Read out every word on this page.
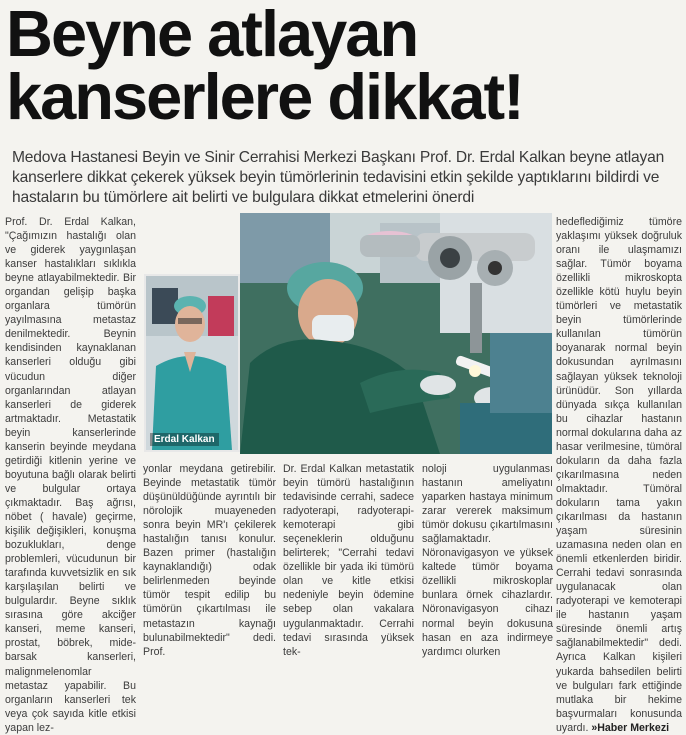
Beyne atlayan
kanserlere dikkat!
Medova Hastanesi Beyin ve Sinir Cerrahisi Merkezi Başkanı Prof. Dr. Erdal Kalkan beyne atlayan kanserlere dikkat çekerek yüksek beyin tümörlerinin tedavisini etkin şekilde yaptıklarını bildirdi ve hastaların bu tümörlere ait belirti ve bulgulara dikkat etmelerini önerdi
Prof. Dr. Erdal Kalkan, "Çağımızın hastalığı olan ve giderek yaygınlaşan kanser hastalıkları sıklıkla beyne atlayabilmektedir. Bir organdan gelişip başka organlara tümörün yayılmasına metastaz denilmektedir. Beynin kendisinden kaynaklanan kanserleri olduğu gibi vücudun diğer organlarından atlayan kanserleri de giderek artmaktadır. Metastatik beyin kanserlerinde kanserin beyinde meydana getirdiği kitlenin yerine ve boyutuna bağlı olarak belirti ve bulgular ortaya çıkmaktadır. Baş ağrısı, nöbet ( havale) geçirme, kişilik değişikleri, konuşma bozuklukları, denge problemleri, vücudunun bir tarafında kuvvetsizlik en sık karşılaşılan belirti ve bulgulardır. Beyne sıklık sırasına göre akciğer kanseri, meme kanseri, prostat, böbrek, mide-barsak kanserleri, malignmelenomlar metastaz yapabilir. Bu organların kanserleri tek veya çok sayıda kitle etkisi yapan lez-
Erdal Kalkan
yonlar meydana getirebilir. Beyinde metastatik tümör düşünüldüğünde ayrıntılı bir nörolojik muayeneden sonra beyin MR'ı çekilerek hastalığın tanısı konulur. Bazen primer (hastalığın kaynaklandığı) odak belirlenmeden beyinde tümör tespit edilip bu tümörün çıkartılması ile metastazın kaynağı bulunabilmektedir" dedi. Prof.
Dr. Erdal Kalkan metastatik beyin tümörü hastalığının tedavisinde cerrahi, sadece radyoterapi, radyoterapi-kemoterapi gibi seçeneklerin olduğunu belirterek; "Cerrahi tedavi özellikle bir yada iki tümörü olan ve kitle etkisi nedeniyle beyin ödemine sebep olan vakalara uygulanmaktadır. Cerrahi tedavi sırasında yüksek tek-
noloji uygulanması hastanın ameliyatını yaparken hastaya minimum zarar vererek maksimum tümör dokusu çıkartılmasını sağlamaktadır. Nöronavigasyon ve yüksek kaltede tümör boyama özellikli mikroskoplar bunlara örnek cihazlardır. Nöronavigasyon cihazı normal beyin dokusuna hasan en aza indirmeye yardımcı olurken
hedeflediğimiz tümöre yaklaşımı yüksek doğruluk oranı ile ulaşmamızı sağlar. Tümör boyama özellikli mikroskopta özellikle kötü huylu beyin tümörleri ve metastatik beyin tümörlerinde kullanılan tümörün boyanarak normal beyin dokusundan ayrılmasını sağlayan yüksek teknoloji ürünüdür. Son yıllarda dünyada sıkça kullanılan bu cihazlar hastanın normal dokularına daha az hasar verilmesine, tümöral dokuların da daha fazla çıkarılmasına neden olmaktadır. Tümöral dokuların tama yakın çıkarılması da hastanın yaşam süresinin uzamasına neden olan en önemli etkenlerden biridir. Cerrahi tedavi sonrasında uygulanacak olan radyoterapi ve kemoterapi ile hastanın yaşam süresinde önemli artış sağlanabilmektedir" dedi. Ayrıca Kalkan kişileri yukarda bahsedilen belirti ve bulguları fark ettiğinde mutlaka bir hekime başvurmaları konusunda uyardı. »Haber Merkezi
